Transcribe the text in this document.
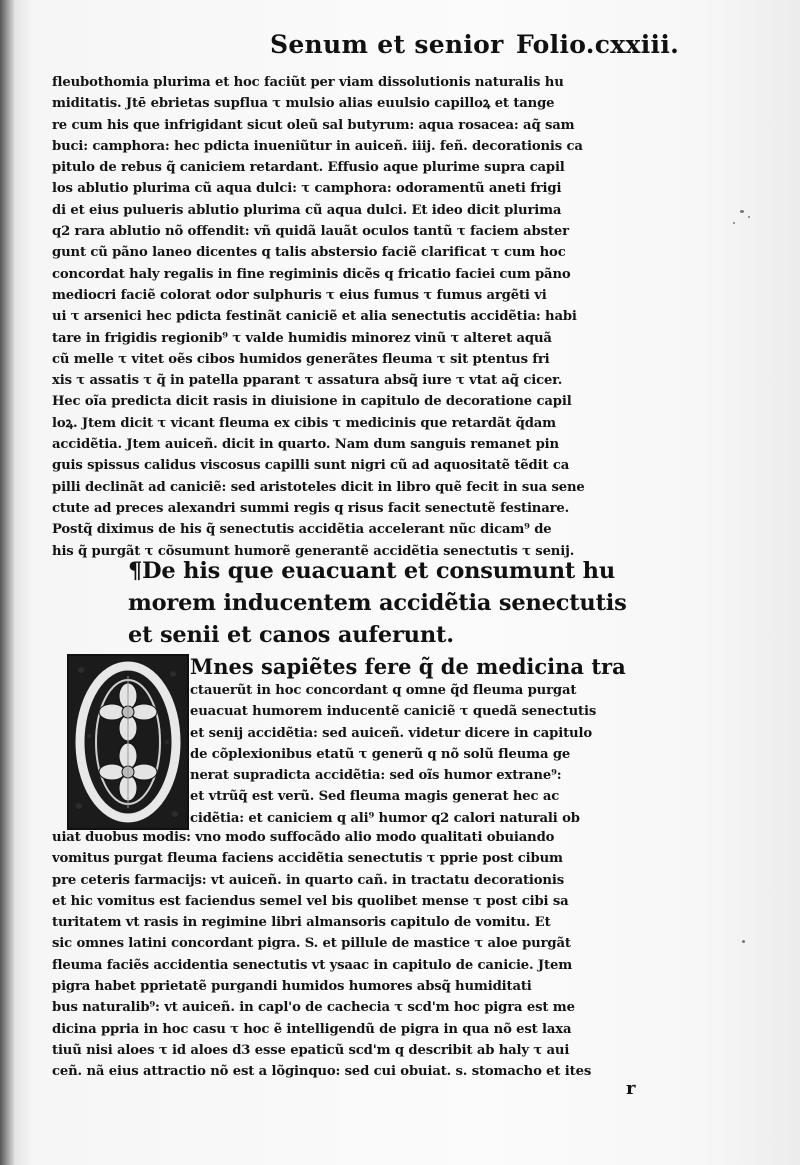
Senum et senior Folio.cxxiii.
fleubothomia plurima et hoc faciũt per viam dissolutionis naturalis hu
miditatis. Jtē ebrietas supflua τ mulsio alias euulsio capilloꝝ et tange
re cum his que infrigidant sicut oleũ sal butyrum: aqua rosacea: aq̃ sam
buci: camphora: hec pdicta inueniũtur in auiceñ. iiij. feñ. decorationis ca
pitulo de rebus q̃ caniciem retardant. Effusio aque plurime supra capil
los ablutio plurima cũ aqua dulci: τ camphora: odoramentũ aneti frigi
di et eius pulueris ablutio plurima cũ aqua dulci. Et ideo dicit plurima
q2 rara ablutio nõ offendit: vñ quidã lauãt oculos tantũ τ faciem abster
gunt cũ pãno laneo dicentes q talis abstersio faciẽ clarificat τ cum hoc
concordat haly regalis in fine regiminis dicẽs q fricatio faciei cum pãno
mediocri faciẽ colorat odor sulphuris τ eius fumus τ fumus argẽti vi
ui τ arsenici hec pdicta festinãt caniciẽ et alia senectutis accidẽtia: habi
tare in frigidis regionib⁹ τ valde humidis minorez vinũ τ alteret aquã
cũ melle τ vitet oẽs cibos humidos generãtes fleuma τ sit ptentus fri
xis τ assatis τ q̃ in patella pparant τ assatura absq̃ iure τ vtat aq̃ cicer.
Hec oĩa predicta dicit rasis in diuisione in capitulo de decoratione capil
loꝝ. Jtem dicit τ vicant fleuma ex cibis τ medicinis que retardãt q̃dam
accidẽtia. Jtem auiceñ. dicit in quarto. Nam dum sanguis remanet pin
guis spissus calidus viscosus capilli sunt nigri cũ ad aquositatẽ tẽdit ca
pilli declinãt ad caniciẽ: sed aristoteles dicit in libro quẽ fecit in sua sene
ctute ad preces alexandri summi regis q risus facit senectutẽ festinare.
Postq̃ diximus de his q̃ senectutis accidẽtia accelerant nũc dicam⁹ de
his q̃ purgãt τ cõsumunt humorẽ generantẽ accidẽtia senectutis τ senij.
¶De his que euacuant et consumunt hu
morem inducentem accidẽtia senectutis
et senii et canos auferunt.
Mnes sapiẽtes fere q̃ de medicina tra
ctauerũt in hoc concordant q omne q̃d fleuma purgat
euacuat humorem inducentẽ caniciẽ τ quedã senectutis
et senij accidẽtia: sed auiceñ. videtur dicere in capitulo
de cõplexionibus etatũ τ generũ q nõ solũ fleuma ge
nerat supradicta accidẽtia: sed oĩs humor extrane⁹:
et vtrũq̃ est verũ. Sed fleuma magis generat hec ac
cidẽtia: et caniciem q ali⁹ humor q2 calori naturali ob
uiat duobus modis: vno modo suffocãdo alio modo qualitati obuiando
vomitus purgat fleuma faciens accidẽtia senectutis τ pprie post cibum
pre ceteris farmacijs: vt auiceñ. in quarto cañ. in tractatu decorationis
et hic vomitus est faciendus semel vel bis quolibet mense τ post cibi sa
turitatem vt rasis in regimine libri almansoris capitulo de vomitu. Et
sic omnes latini concordant pigra. S. et pillule de mastice τ aloe purgãt
fleuma faciẽs accidentia senectutis vt ysaac in capitulo de canicie. Jtem
pigra habet pprietatẽ purgandi humidos humores absq̃ humiditati
bus naturalib⁹: vt auiceñ. in capl'o de cachecia τ scd'm hoc pigra est me
dicina ppria in hoc casu τ hoc ẽ intelligendũ de pigra in qua nõ est laxa
tiuũ nisi aloes τ id aloes d3 esse epaticũ scd'm q describit ab haly τ aui
ceñ. nã eius attractio nõ est a lõginquo: sed cui obuiat. s. stomacho et ites
r
